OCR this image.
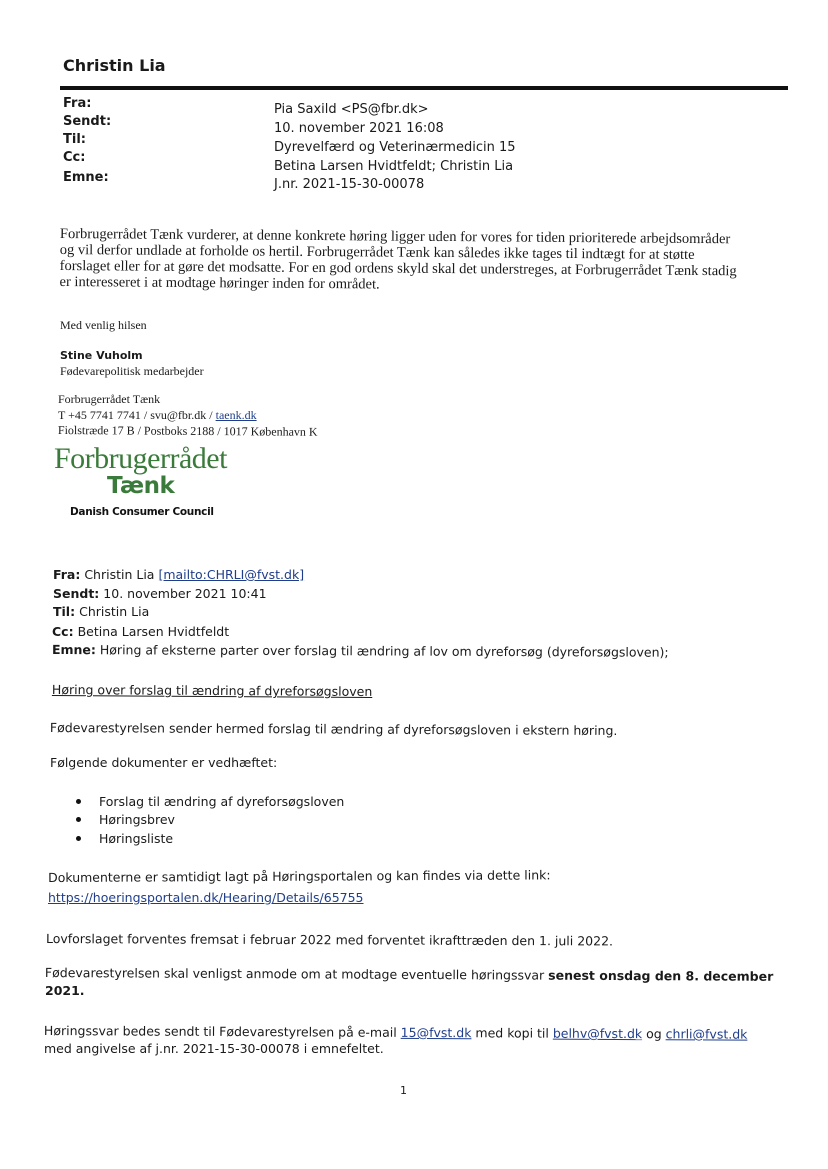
Christin Lia
Fra:
Sendt:
Til:
Cc:
Emne:
Pia Saxild <PS@fbr.dk>
10. november 2021 16:08
Dyrevelfærd og Veterinærmedicin 15
Betina Larsen Hvidtfeldt; Christin Lia
J.nr. 2021-15-30-00078
Forbrugerrådet Tænk vurderer, at denne konkrete høring ligger uden for vores for tiden prioriterede arbejdsområder
og vil derfor undlade at forholde os hertil. Forbrugerrådet Tænk kan således ikke tages til indtægt for at støtte
forslaget eller for at gøre det modsatte. For en god ordens skyld skal det understreges, at Forbrugerrådet Tænk stadig
er interesseret i at modtage høringer inden for området.
Med venlig hilsen
Stine Vuholm
Fødevarepolitisk medarbejder
Forbrugerrådet Tænk
T +45 7741 7741 / svu@fbr.dk / taenk.dk
Fiolstræde 17 B / Postboks 2188 / 1017 København K
Forbrugerrådet
Tænk
Danish Consumer Council
Fra: Christin Lia [mailto:CHRLI@fvst.dk]
Sendt: 10. november 2021 10:41
Til: Christin Lia
Cc: Betina Larsen Hvidtfeldt
Emne: Høring af eksterne parter over forslag til ændring af lov om dyreforsøg (dyreforsøgsloven);
Høring over forslag til ændring af dyreforsøgsloven
Fødevarestyrelsen sender hermed forslag til ændring af dyreforsøgsloven i ekstern høring.
Følgende dokumenter er vedhæftet:
Forslag til ændring af dyreforsøgsloven
Høringsbrev
Høringsliste
Dokumenterne er samtidigt lagt på Høringsportalen og kan findes via dette link:
https://hoeringsportalen.dk/Hearing/Details/65755
Lovforslaget forventes fremsat i februar 2022 med forventet ikrafttræden den 1. juli 2022.
Fødevarestyrelsen skal venligst anmode om at modtage eventuelle høringssvar senest onsdag den 8. december
2021.
Høringssvar bedes sendt til Fødevarestyrelsen på e-mail 15@fvst.dk med kopi til belhv@fvst.dk og chrli@fvst.dk
med angivelse af j.nr. 2021-15-30-00078 i emnefeltet.
1
